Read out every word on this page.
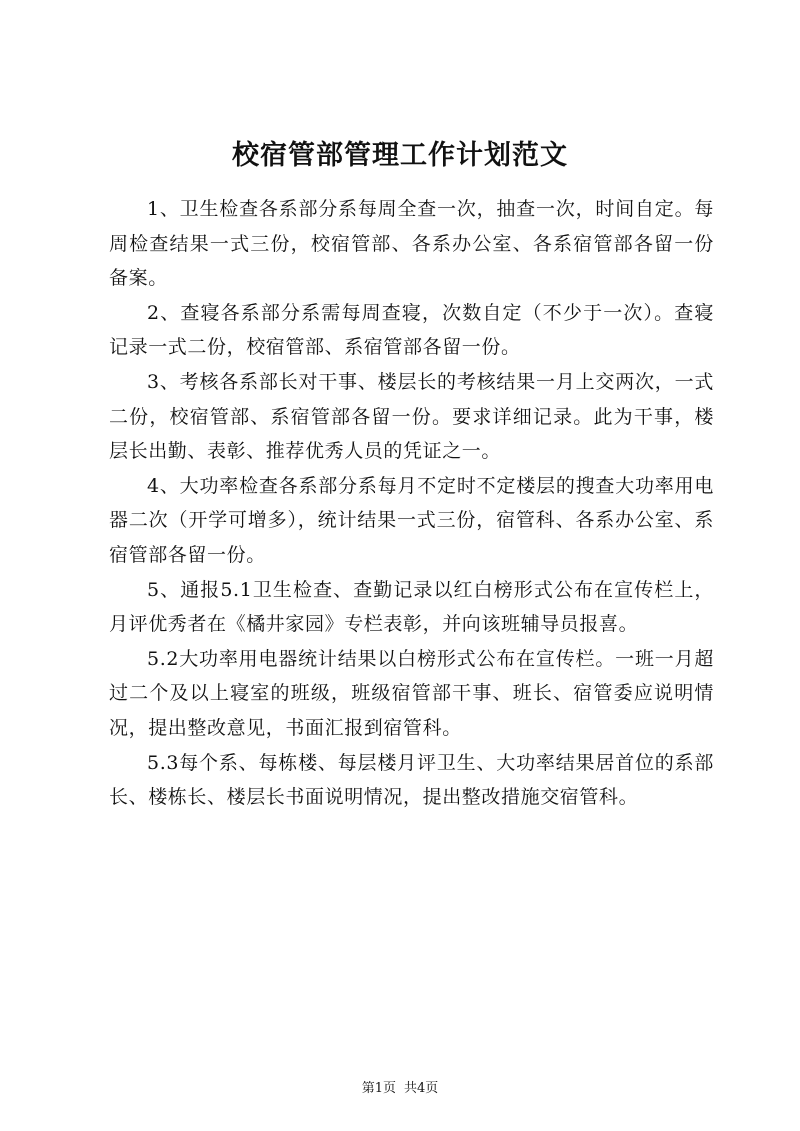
校宿管部管理工作计划范文

1、卫生检查各系部分系每周全查一次，抽查一次，时间自定。每周检查结果一式三份，校宿管部、各系办公室、各系宿管部各留一份备案。

2、查寝各系部分系需每周查寝，次数自定（不少于一次）。查寝记录一式二份，校宿管部、系宿管部各留一份。

3、考核各系部长对干事、楼层长的考核结果一月上交两次，一式二份，校宿管部、系宿管部各留一份。要求详细记录。此为干事，楼层长出勤、表彰、推荐优秀人员的凭证之一。

4、大功率检查各系部分系每月不定时不定楼层的搜查大功率用电器二次（开学可增多），统计结果一式三份，宿管科、各系办公室、系宿管部各留一份。

5、通报5.1卫生检查、查勤记录以红白榜形式公布在宣传栏上，月评优秀者在《橘井家园》专栏表彰，并向该班辅导员报喜。

5.2大功率用电器统计结果以白榜形式公布在宣传栏。一班一月超过二个及以上寝室的班级，班级宿管部干事、班长、宿管委应说明情况，提出整改意见，书面汇报到宿管科。

5.3每个系、每栋楼、每层楼月评卫生、大功率结果居首位的系部长、楼栋长、楼层长书面说明情况，提出整改措施交宿管科。

第1页 共4页
